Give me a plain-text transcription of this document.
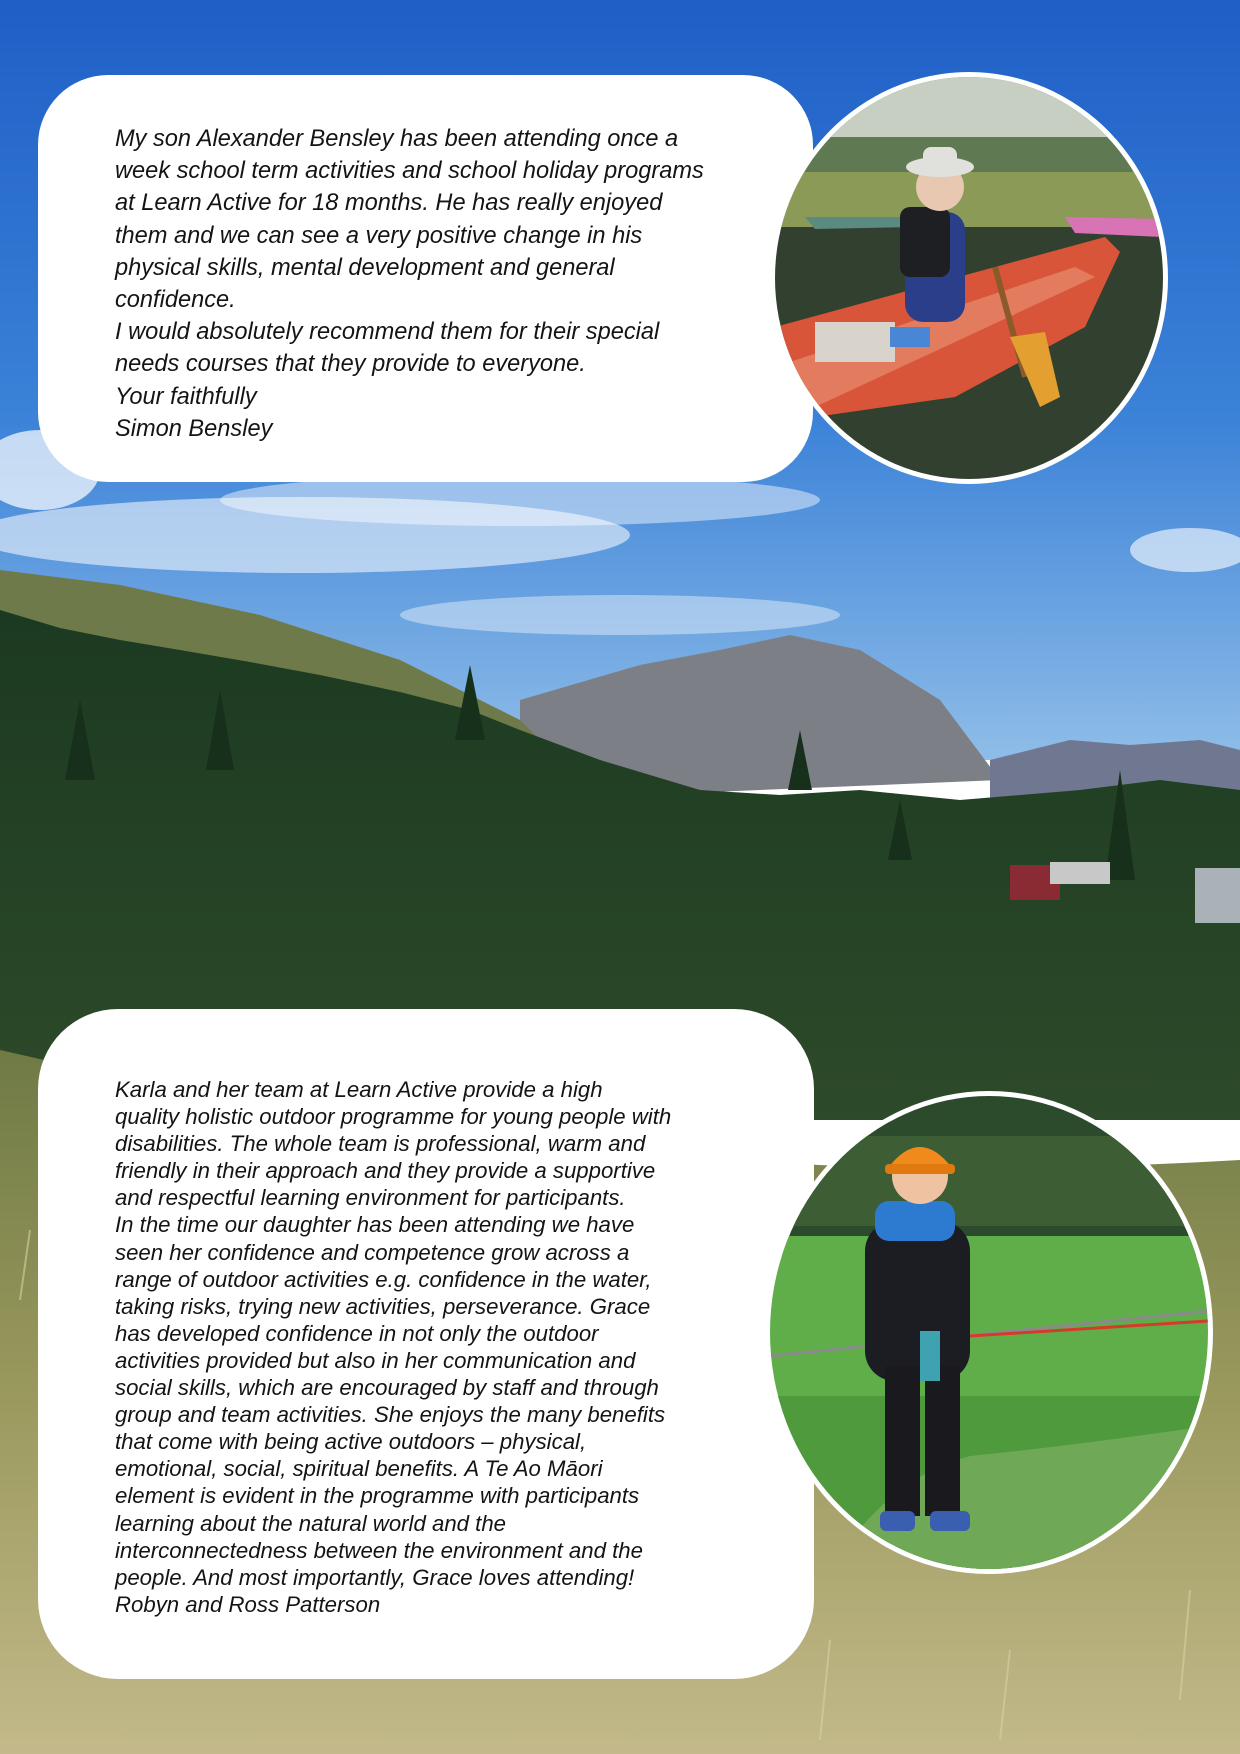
My son Alexander Bensley has been attending once a
week school term activities and school holiday programs
at Learn Active for 18 months. He has really enjoyed
them and we can see a very positive change in his
physical skills, mental development and general
confidence.
I would absolutely recommend them for their special
needs courses that they provide to everyone.
Your faithfully
Simon Bensley

Karla and her team at Learn Active provide a high
quality holistic outdoor programme for young people with
disabilities. The whole team is professional, warm and
friendly in their approach and they provide a supportive
and respectful learning environment for participants.
In the time our daughter has been attending we have
seen her confidence and competence grow across a
range of outdoor activities e.g. confidence in the water,
taking risks, trying new activities, perseverance. Grace
has developed confidence in not only the outdoor
activities provided but also in her communication and
social skills, which are encouraged by staff and through
group and team activities. She enjoys the many benefits
that come with being active outdoors – physical,
emotional, social, spiritual benefits. A Te Ao Māori
element is evident in the programme with participants
learning about the natural world and the
interconnectedness between the environment and the
people. And most importantly, Grace loves attending!
Robyn and Ross Patterson
